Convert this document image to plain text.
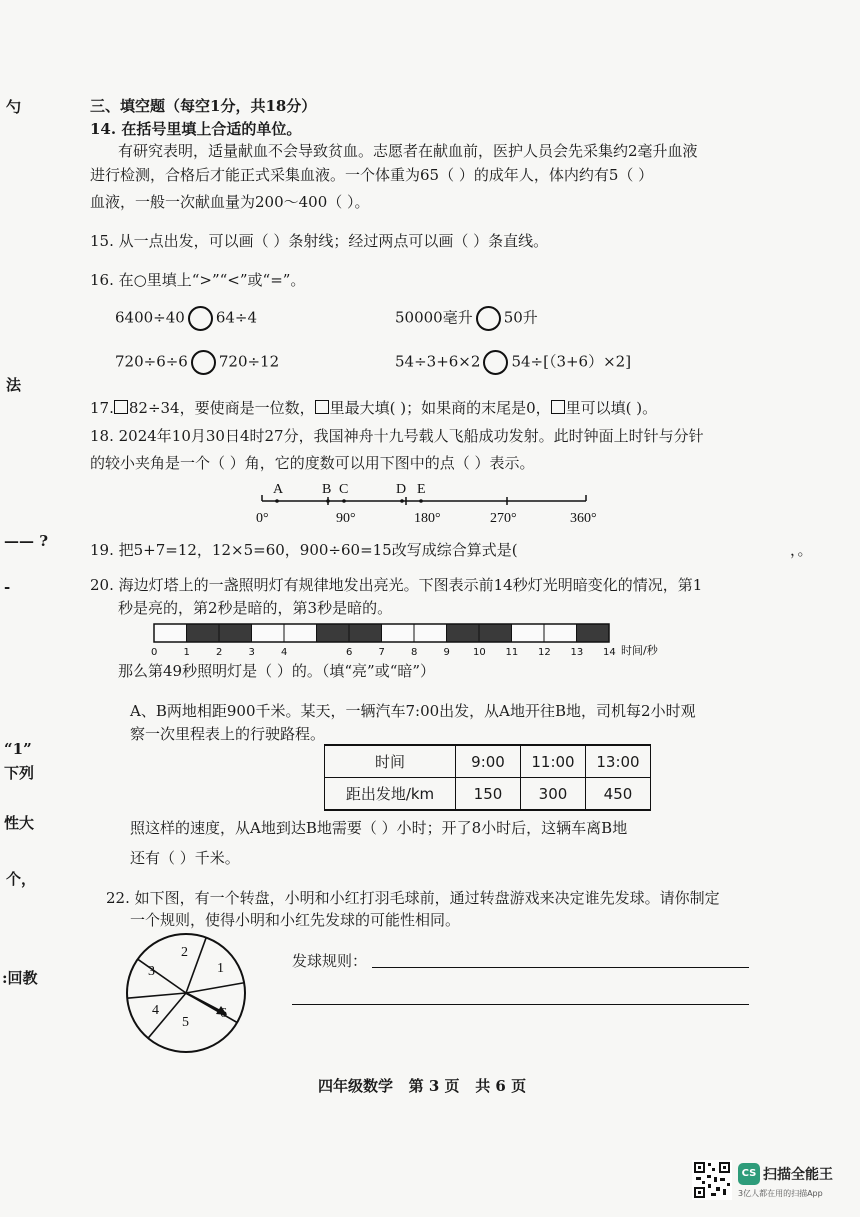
勺
法
—— ?
-
“1”
下列
性大
个，
:回教
三、填空题（每空1分，共18分）
14. 在括号里填上合适的单位。
有研究表明，适量献血不会导致贫血。志愿者在献血前，医护人员会先采集约2毫升血液
进行检测，合格后才能正式采集血液。一个体重为65（ ）的成年人，体内约有5（ ）
血液，一般一次献血量为200～400（ ）。
15. 从一点出发，可以画（ ）条射线；经过两点可以画（ ）条直线。
16. 在○里填上“>”“<”或“=”。
6400÷40 64÷4	50000毫升 50升
720÷6÷6 720÷12	54÷3+6×2 54÷[（3+6）×2]
17. 82÷34，要使商是一位数， 里最大填( )；如果商的末尾是0， 里可以填( )。
18. 2024年10月30日4时27分，我国神舟十九号载人飞船成功发射。此时钟面上时针与分针
的较小夹角是一个（ ）角，它的度数可以用下图中的点（ ）表示。
A	B C	D E
0°	90°	180°	270°	360°
19. 把5+7=12，12×5=60，900÷60=15改写成综合算式是(	，。
20. 海边灯塔上的一盏照明灯有规律地发出亮光。下图表示前14秒灯光明暗变化的情况，第1
秒是亮的，第2秒是暗的，第3秒是暗的。
0	1	2	3	4	6	7	8	9 10 11 12 13 14 时间/秒
那么第49秒照明灯是（ ）的。（填“亮”或“暗”）
A、B两地相距900千米。某天，一辆汽车7:00出发，从A地开往B地，司机每2小时观
察一次里程表上的行驶路程。
时间	9:00	11:00	13:00
距出发地/km	150	300	450
照这样的速度，从A地到达B地需要（ ）小时；开了8小时后，这辆车离B地
还有（ ）千米。
22. 如下图，有一个转盘，小明和小红打羽毛球前，通过转盘游戏来决定谁先发球。请你制定
一个规则，使得小明和小红先发球的可能性相同。
1
2
3
4
5
发球规则：
四年级数学   第 3 页   共 6 页
CS 扫描全能王
3亿人都在用的扫描App
